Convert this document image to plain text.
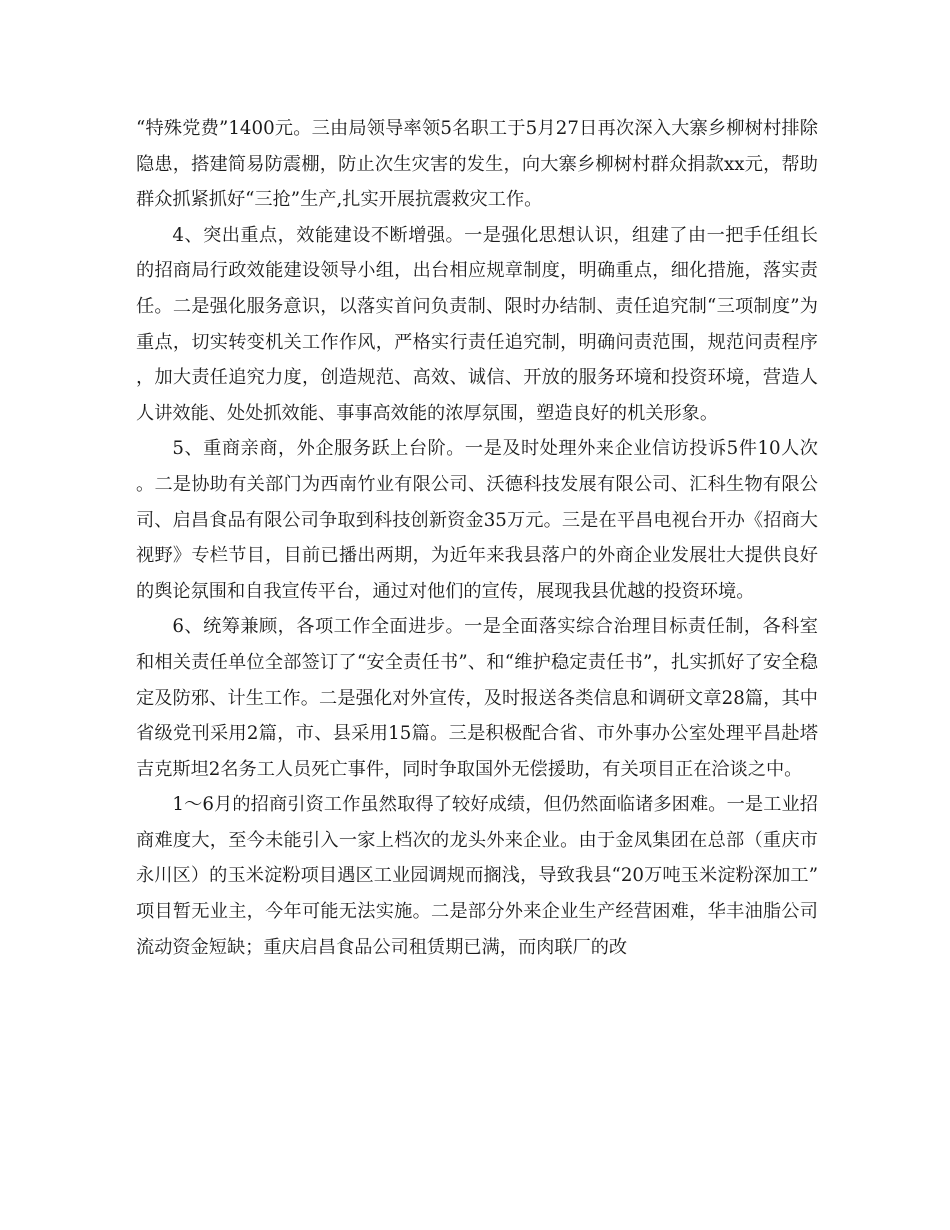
“特殊党费”1400元。三由局领导率领5名职工于5月27日再次深入大寨乡柳树村排除隐患，搭建简易防震棚，防止次生灾害的发生，向大寨乡柳树村群众捐款xx元，帮助群众抓紧抓好“三抢”生产,扎实开展抗震救灾工作。

4、突出重点，效能建设不断增强。一是强化思想认识，组建了由一把手任组长的招商局行政效能建设领导小组，出台相应规章制度，明确重点，细化措施，落实责任。二是强化服务意识，以落实首问负责制、限时办结制、责任追究制“三项制度”为重点，切实转变机关工作作风，严格实行责任追究制，明确问责范围，规范问责程序，加大责任追究力度，创造规范、高效、诚信、开放的服务环境和投资环境，营造人人讲效能、处处抓效能、事事高效能的浓厚氛围，塑造良好的机关形象。

5、重商亲商，外企服务跃上台阶。一是及时处理外来企业信访投诉5件10人次。二是协助有关部门为西南竹业有限公司、沃德科技发展有限公司、汇科生物有限公司、启昌食品有限公司争取到科技创新资金35万元。三是在平昌电视台开办《招商大视野》专栏节目，目前已播出两期，为近年来我县落户的外商企业发展壮大提供良好的舆论氛围和自我宣传平台，通过对他们的宣传，展现我县优越的投资环境。

6、统筹兼顾，各项工作全面进步。一是全面落实综合治理目标责任制，各科室和相关责任单位全部签订了“安全责任书”、和“维护稳定责任书”，扎实抓好了安全稳定及防邪、计生工作。二是强化对外宣传，及时报送各类信息和调研文章28篇，其中省级党刊采用2篇，市、县采用15篇。三是积极配合省、市外事办公室处理平昌赴塔吉克斯坦2名务工人员死亡事件，同时争取国外无偿援助，有关项目正在洽谈之中。

1～6月的招商引资工作虽然取得了较好成绩，但仍然面临诸多困难。一是工业招商难度大，至今未能引入一家上档次的龙头外来企业。由于金凤集团在总部（重庆市永川区）的玉米淀粉项目遇区工业园调规而搁浅，导致我县“20万吨玉米淀粉深加工” 项目暂无业主，今年可能无法实施。二是部分外来企业生产经营困难，华丰油脂公司流动资金短缺；重庆启昌食品公司租赁期已满，而肉联厂的改
